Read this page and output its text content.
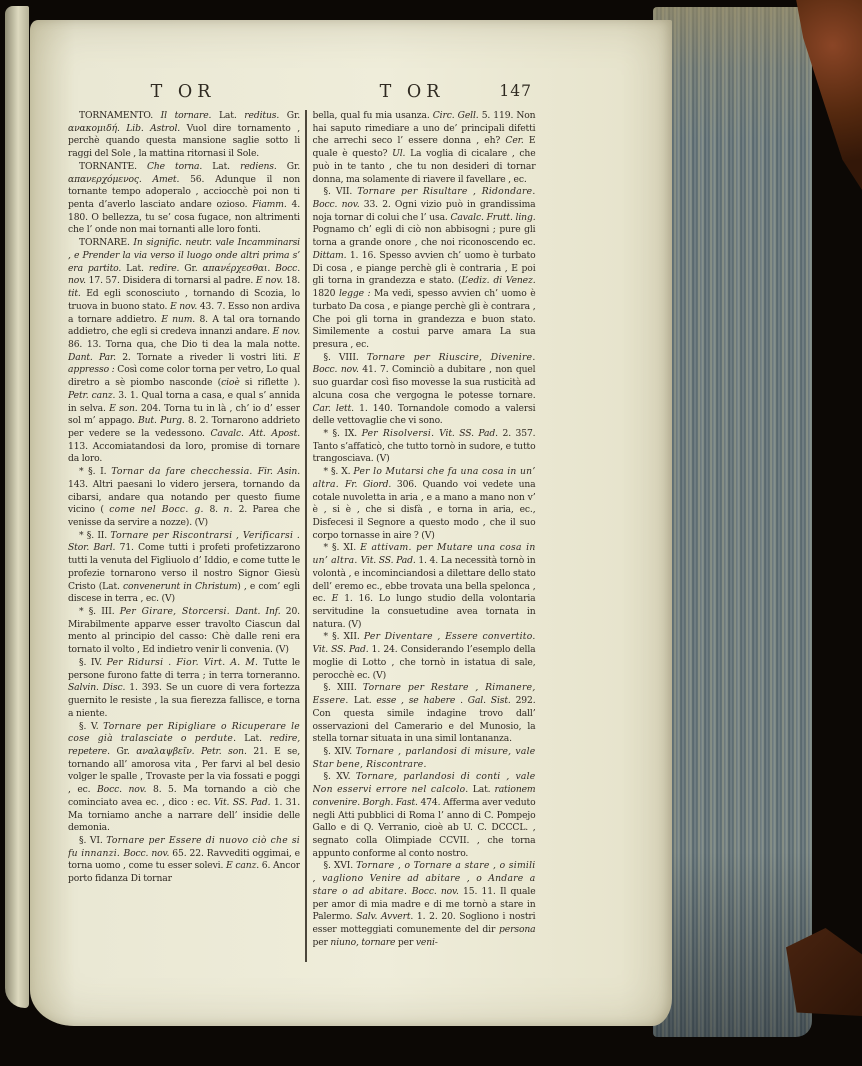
T OR	T OR	147

TORNAMENTO. Il tornare. Lat. reditus. Gr. ανακομιδή. Lib. Astrol. Vuol dire tornamento , perchè quando questa mansione saglie sotto li raggi del Sole , la mattina ritornasi il Sole.

TORNANTE. Che torna. Lat. rediens. Gr. απανερχόμενος. Amet. 56. Adunque il non tornante tempo adoperalo , acciocchè poi non ti penta d’averlo lasciato andare ozioso. Fiamm. 4. 180. O bellezza, tu se’ cosa fugace, non altrimenti che l’ onde non mai tornanti alle loro fonti.

TORNARE. In signific. neutr. vale Incamminarsi , e Prender la via verso il luogo onde altri prima s’ era partito. Lat. redire. Gr. απανέρχεσθαι. Bocc. nov. 17. 57. Disidera di tornarsi al padre. E nov. 18. tit. Ed egli sconosciuto , tornando di Scozia, lo truova in buono stato. E nov. 43. 7. Esso non ardiva a tornare addietro. E num. 8. A tal ora tornando addietro, che egli si credeva innanzi andare. E nov. 86. 13. Torna qua, che Dio ti dea la mala notte. Dant. Par. 2. Tornate a riveder li vostri liti. E appresso : Così come color torna per vetro, Lo qual diretro a sè piombo nasconde (cioè si riflette ). Petr. canz. 3. 1. Qual torna a casa, e qual s’ annida in selva. E son. 204. Torna tu in là , ch’ io d’ esser sol m’ appago. But. Purg. 8. 2. Tornarono addrieto per vedere se la vedessono. Cavalc. Att. Apost. 113. Accomiatandosi da loro, promise di tornare da loro.

* §. I. Tornar da fare checchessia. Fir. Asin. 143. Altri paesani lo videro jersera, tornando da cibarsi, andare qua notando per questo fiume vicino ( come nel Bocc. g. 8. n. 2. Parea che venisse da servire a nozze). (V)

* §. II. Tornare per Riscontrarsi , Verificarsi . Stor. Barl. 71. Come tutti i profeti profetizzarono tutti la venuta del Figliuolo d’ Iddio, e come tutte le profezie tornarono verso il nostro Signor Giesù Cristo (Lat. convenerunt in Christum) , e com’ egli discese in terra , ec. (V)

* §. III. Per Girare, Storcersi. Dant. Inf. 20. Mirabilmente apparve esser travolto Ciascun dal mento al principio del casso: Chè dalle reni era tornato il volto , Ed indietro venir li convenia. (V)

§. IV. Per Ridursi . Fior. Virt. A. M. Tutte le persone furono fatte di terra ; in terra torneranno. Salvin. Disc. 1. 393. Se un cuore di vera fortezza guernito le resiste , la sua fierezza fallisce, e torna a niente.

§. V. Tornare per Ripigliare o Ricuperare le cose già tralasciate o perdute. Lat. redire, repetere. Gr. αναλαψβεῖν. Petr. son. 21. E se, tornando all’ amorosa vita , Per farvi al bel desio volger le spalle , Trovaste per la via fossati e poggi , ec. Bocc. nov. 8. 5. Ma tornando a ciò che cominciato avea ec. , dico : ec. Vit. SS. Pad. 1. 31. Ma torniamo anche a narrare dell’ insidie delle demonia.

§. VI. Tornare per Essere di nuovo ciò che si fu innanzi. Bocc. nov. 65. 22. Ravvediti oggimai, e torna uomo , come tu esser solevi. E canz. 6. Ancor porto fidanza Di tornar

bella, qual fu mia usanza. Circ. Gell. 5. 119. Non hai saputo rimediare a uno de’ principali difetti che arrechi seco l’ essere donna , eh? Cer. E quale è questo? Ul. La voglia di cicalare , che può in te tanto , che tu non desideri di tornar donna, ma solamente di riavere il favellare , ec.

§. VII. Tornare per Risultare , Ridondare. Bocc. nov. 33. 2. Ogni vizio può in grandissima noja tornar di colui che l’ usa. Cavalc. Frutt. ling. Pognamo ch’ egli di ciò non abbisogni ; pure gli torna a grande onore , che noi riconoscendo ec. Dittam. 1. 16. Spesso avvien ch’ uomo è turbato Di cosa , e piange perchè gli è contraria , E poi gli torna in grandezza e stato. (L’ediz. di Venez. 1820 legge : Ma vedi, spesso avvien ch’ uomo è turbato Da cosa , e piange perchè gli è contrara , Che poi gli torna in grandezza e buon stato. Similemente a costui parve amara La sua presura , ec.

§. VIII. Tornare per Riuscire, Divenire. Bocc. nov. 41. 7. Cominciò a dubitare , non quel suo guardar così fiso movesse la sua rusticità ad alcuna cosa che vergogna le potesse tornare. Car. lett. 1. 140. Tornandole comodo a valersi delle vettovaglie che vi sono.

* §. IX. Per Risolversi. Vit. SS. Pad. 2. 357. Tanto s’affaticò, che tutto tornò in sudore, e tutto trangosciava. (V)

* §. X. Per lo Mutarsi che fa una cosa in un’ altra. Fr. Giord. 306. Quando voi vedete una cotale nuvoletta in aria , e a mano a mano non v’ è , si è , che si disfà , e torna in aria, ec., Disfecesi il Segnore a questo modo , che il suo corpo tornasse in aire ? (V)

* §. XI. E attivam. per Mutare una cosa in un’ altra. Vit. SS. Pad. 1. 4. La necessità tornò in volontà , e incominciandosi a dilettare dello stato dell’ eremo ec., ebbe trovata una bella spelonca , ec. E 1. 16. Lo lungo studio della volontaria servitudine la consuetudine avea tornata in natura. (V)

* §. XII. Per Diventare , Essere convertito. Vit. SS. Pad. 1. 24. Considerando l’esemplo della moglie di Lotto , che tornò in istatua di sale, perocchè ec. (V)

§. XIII. Tornare per Restare , Rimanere, Essere. Lat. esse , se habere . Gal. Sist. 292. Con questa simile indagine trovo dall’ osservazioni del Camerario e del Munosio, la stella tornar situata in una simil lontananza.

§. XIV. Tornare , parlandosi di misure, vale Star bene, Riscontrare.

§. XV. Tornare, parlandosi di conti , vale Non esservi errore nel calcolo. Lat. rationem convenire. Borgh. Fast. 474. Afferma aver veduto negli Atti pubblici di Roma l’ anno di C. Pompejo Gallo e di Q. Verranio, cioè ab U. C. DCCCL. , segnato colla Olimpiade CCVII. , che torna appunto conforme al conto nostro.

§. XVI. Tornare , o Tornare a stare , o simili , vagliono Venire ad abitare , o Andare a stare o ad abitare. Bocc. nov. 15. 11. Il quale per amor di mia madre e di me tornò a stare in Palermo. Salv. Avvert. 1. 2. 20. Sogliono i nostri esser motteggiati comunemente del dir persona per niuno, tornare per veni-
